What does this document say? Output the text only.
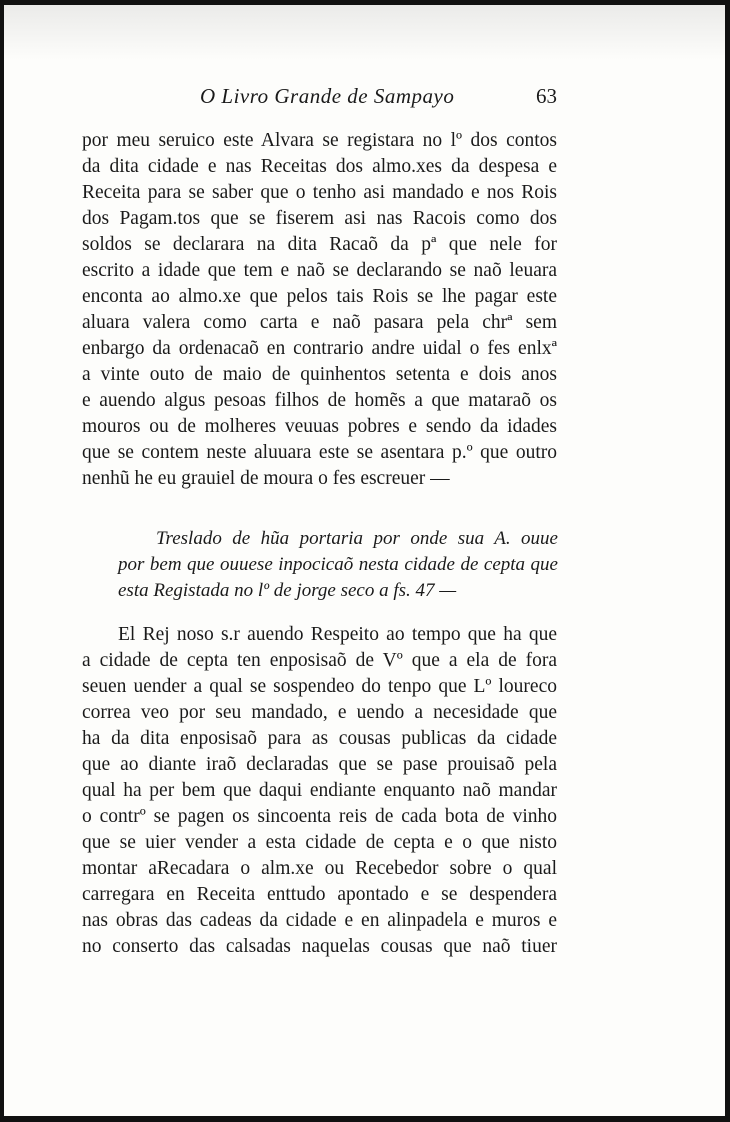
O Livro Grande de Sampayo	63
por meu seruico este Alvara se registara no lº dos contos
da dita cidade e nas Receitas dos almo.xes da despesa e
Receita para se saber que o tenho asi mandado e nos Rois
dos Pagam.tos que se fiserem asi nas Racois como dos
soldos se declarara na dita Racaõ da pª que nele for
escrito a idade que tem e naõ se declarando se naõ leuara
enconta ao almo.xe que pelos tais Rois se lhe pagar este
aluara valera como carta e naõ pasara pela chrª sem
enbargo da ordenacaõ en contrario andre uidal o fes enlxª
a vinte outo de maio de quinhentos setenta e dois anos
e auendo algus pesoas filhos de homẽs a que mataraõ os
mouros ou de molheres veuuas pobres e sendo da idades
que se contem neste aluuara este se asentara p.º que outro
nenhũ he eu grauiel de moura o fes escreuer —
Treslado de hũa portaria por onde sua A. ouue
por bem que ouuese inpocicaõ nesta cidade de cepta que
esta Registada no lº de jorge seco a fs. 47 —
El Rej noso s.r auendo Respeito ao tempo que ha que
a cidade de cepta ten enposisaõ de Vº que a ela de fora
seuen uender a qual se sospendeo do tenpo que Lº loureco
correa veo por seu mandado, e uendo a necesidade que
ha da dita enposisaõ para as cousas publicas da cidade
que ao diante iraõ declaradas que se pase prouisaõ pela
qual ha per bem que daqui endiante enquanto naõ mandar
o contrº se pagen os sincoenta reis de cada bota de vinho
que se uier vender a esta cidade de cepta e o que nisto
montar aRecadara o alm.xe ou Recebedor sobre o qual
carregara en Receita enttudo apontado e se despendera
nas obras das cadeas da cidade e en alinpadela e muros e
no conserto das calsadas naquelas cousas que naõ tiuer
